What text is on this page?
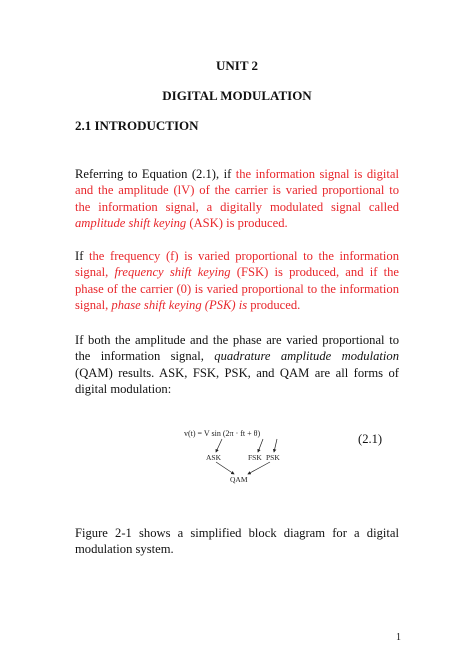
UNIT 2
DIGITAL MODULATION
2.1 INTRODUCTION
Referring to Equation (2.1), if the information signal is digital and the amplitude (lV) of the carrier is varied proportional to the information signal, a digitally modulated signal called amplitude shift keying (ASK) is produced.
If the frequency (f) is varied proportional to the information signal, frequency shift keying (FSK) is produced, and if the phase of the carrier (0) is varied proportional to the information signal, phase shift keying (PSK) is produced.
If both the amplitude and the phase are varied proportional to the information signal, quadrature amplitude modulation (QAM) results. ASK, FSK, PSK, and QAM are all forms of digital modulation:
v(t) = V sin (2π · ft + θ)
ASK	FSK PSK
QAM
(2.1)
Figure 2-1 shows a simplified block diagram for a digital modulation system.
1
